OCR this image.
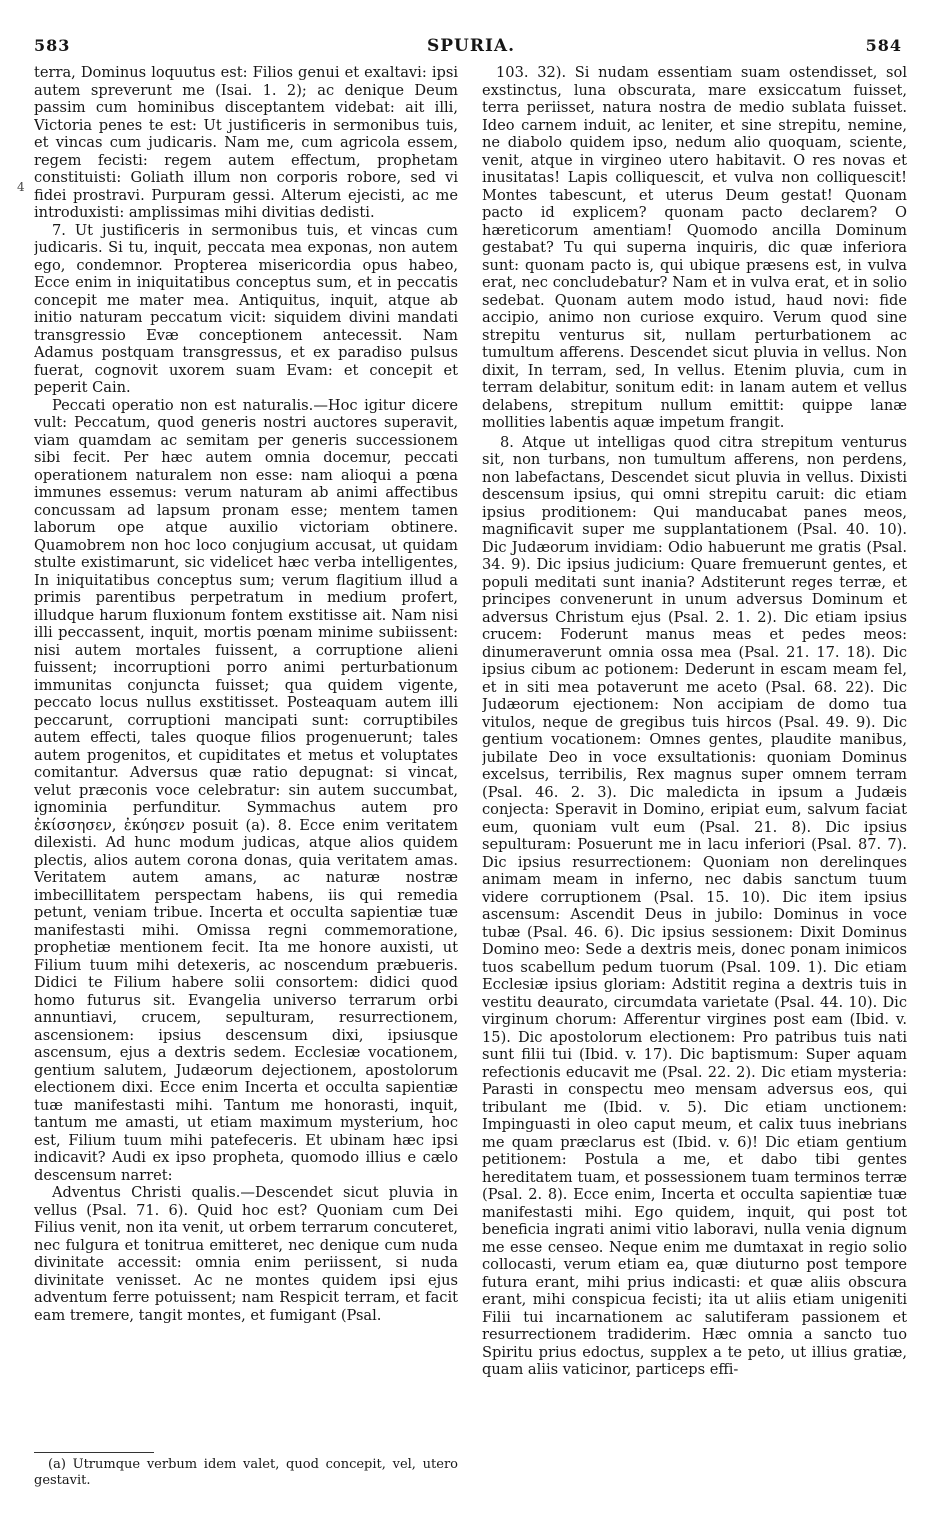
583	SPURIA.	584
4

terra, Dominus loquutus est: Filios genui et exaltavi: ipsi autem spreverunt me (Isai. 1. 2); ac denique Deum passim cum hominibus disceptantem videbat: ait illi, Victoria penes te est: Ut justificeris in sermonibus tuis, et vincas cum judicaris. Nam me, cum agricola essem, regem fecisti: regem autem effectum, prophetam constituisti: Goliath illum non corporis robore, sed vi fidei prostravi. Purpuram gessi. Alterum ejecisti, ac me introduxisti: amplissimas mihi divitias dedisti.

7. Ut justificeris in sermonibus tuis, et vincas cum judicaris. Si tu, inquit, peccata mea exponas, non autem ego, condemnor. Propterea misericordia opus habeo, Ecce enim in iniquitatibus conceptus sum, et in peccatis concepit me mater mea. Antiquitus, inquit, atque ab initio naturam peccatum vicit: siquidem divini mandati transgressio Evæ conceptionem antecessit. Nam Adamus postquam transgressus, et ex paradiso pulsus fuerat, cognovit uxorem suam Evam: et concepit et peperit Cain.

Peccati operatio non est naturalis.—Hoc igitur dicere vult: Peccatum, quod generis nostri auctores superavit, viam quamdam ac semitam per generis successionem sibi fecit. Per hæc autem omnia docemur, peccati operationem naturalem non esse: nam alioqui a pœna immunes essemus: verum naturam ab animi affectibus concussam ad lapsum pronam esse; mentem tamen laborum ope atque auxilio victoriam obtinere. Quamobrem non hoc loco conjugium accusat, ut quidam stulte existimarunt, sic videlicet hæc verba intelligentes, In iniquitatibus conceptus sum; verum flagitium illud a primis parentibus perpetratum in medium profert, illudque harum fluxionum fontem exstitisse ait. Nam nisi illi peccassent, inquit, mortis pœnam minime subiissent: nisi autem mortales fuissent, a corruptione alieni fuissent; incorruptioni porro animi perturbationum immunitas conjuncta fuisset; qua quidem vigente, peccato locus nullus exstitisset. Posteaquam autem illi peccarunt, corruptioni mancipati sunt: corruptibiles autem effecti, tales quoque filios progenuerunt; tales autem progenitos, et cupiditates et metus et voluptates comitantur. Adversus quæ ratio depugnat: si vincat, velut præconis voce celebratur: sin autem succumbat, ignominia perfunditur. Symmachus autem pro ἐκίσσησεν, ἐκύησεν posuit (a). 8. Ecce enim veritatem dilexisti. Ad hunc modum judicas, atque alios quidem plectis, alios autem corona donas, quia veritatem amas. Veritatem autem amans, ac naturæ nostræ imbecillitatem perspectam habens, iis qui remedia petunt, veniam tribue. Incerta et occulta sapientiæ tuæ manifestasti mihi. Omissa regni commemoratione, prophetiæ mentionem fecit. Ita me honore auxisti, ut Filium tuum mihi detexeris, ac noscendum præbueris. Didici te Filium habere solii consortem: didici quod homo futurus sit. Evangelia universo terrarum orbi annuntiavi, crucem, sepulturam, resurrectionem, ascensionem: ipsius descensum dixi, ipsiusque ascensum, ejus a dextris sedem. Ecclesiæ vocationem, gentium salutem, Judæorum dejectionem, apostolorum electionem dixi. Ecce enim Incerta et occulta sapientiæ tuæ manifestasti mihi. Tantum me honorasti, inquit, tantum me amasti, ut etiam maximum mysterium, hoc est, Filium tuum mihi patefeceris. Et ubinam hæc ipsi indicavit? Audi ex ipso propheta, quomodo illius e cælo descensum narret:

Adventus Christi qualis.—Descendet sicut pluvia in vellus (Psal. 71. 6). Quid hoc est? Quoniam cum Dei Filius venit, non ita venit, ut orbem terrarum concuteret, nec fulgura et tonitrua emitteret, nec denique cum nuda divinitate accessit: omnia enim periissent, si nuda divinitate venisset. Ac ne montes quidem ipsi ejus adventum ferre potuissent; nam Respicit terram, et facit eam tremere, tangit montes, et fumigant (Psal.

(a) Utrumque verbum idem valet, quod concepit, vel, utero gestavit.

103. 32). Si nudam essentiam suam ostendisset, sol exstinctus, luna obscurata, mare exsiccatum fuisset, terra periisset, natura nostra de medio sublata fuisset. Ideo carnem induit, ac leniter, et sine strepitu, nemine, ne diabolo quidem ipso, nedum alio quoquam, sciente, venit, atque in virgineo utero habitavit. O res novas et inusitatas! Lapis colliquescit, et vulva non colliquescit! Montes tabescunt, et uterus Deum gestat! Quonam pacto id explicem? quonam pacto declarem? O hæreticorum amentiam! Quomodo ancilla Dominum gestabat? Tu qui superna inquiris, dic quæ inferiora sunt: quonam pacto is, qui ubique præsens est, in vulva erat, nec concludebatur? Nam et in vulva erat, et in solio sedebat. Quonam autem modo istud, haud novi: fide accipio, animo non curiose exquiro. Verum quod sine strepitu venturus sit, nullam perturbationem ac tumultum afferens. Descendet sicut pluvia in vellus. Non dixit, In terram, sed, In vellus. Etenim pluvia, cum in terram delabitur, sonitum edit: in lanam autem et vellus delabens, strepitum nullum emittit: quippe lanæ mollities labentis aquæ impetum frangit.

8. Atque ut intelligas quod citra strepitum venturus sit, non turbans, non tumultum afferens, non perdens, non labefactans, Descendet sicut pluvia in vellus. Dixisti descensum ipsius, qui omni strepitu caruit: dic etiam ipsius proditionem: Qui manducabat panes meos, magnificavit super me supplantationem (Psal. 40. 10). Dic Judæorum invidiam: Odio habuerunt me gratis (Psal. 34. 9). Dic ipsius judicium: Quare fremuerunt gentes, et populi meditati sunt inania? Adstiterunt reges terræ, et principes convenerunt in unum adversus Dominum et adversus Christum ejus (Psal. 2. 1. 2). Dic etiam ipsius crucem: Foderunt manus meas et pedes meos: dinumeraverunt omnia ossa mea (Psal. 21. 17. 18). Dic ipsius cibum ac potionem: Dederunt in escam meam fel, et in siti mea potaverunt me aceto (Psal. 68. 22). Dic Judæorum ejectionem: Non accipiam de domo tua vitulos, neque de gregibus tuis hircos (Psal. 49. 9). Dic gentium vocationem: Omnes gentes, plaudite manibus, jubilate Deo in voce exsultationis: quoniam Dominus excelsus, terribilis, Rex magnus super omnem terram (Psal. 46. 2. 3). Dic maledicta in ipsum a Judæis conjecta: Speravit in Domino, eripiat eum, salvum faciat eum, quoniam vult eum (Psal. 21. 8). Dic ipsius sepulturam: Posuerunt me in lacu inferiori (Psal. 87. 7). Dic ipsius resurrectionem: Quoniam non derelinques animam meam in inferno, nec dabis sanctum tuum videre corruptionem (Psal. 15. 10). Dic item ipsius ascensum: Ascendit Deus in jubilo: Dominus in voce tubæ (Psal. 46. 6). Dic ipsius sessionem: Dixit Dominus Domino meo: Sede a dextris meis, donec ponam inimicos tuos scabellum pedum tuorum (Psal. 109. 1). Dic etiam Ecclesiæ ipsius gloriam: Adstitit regina a dextris tuis in vestitu deaurato, circumdata varietate (Psal. 44. 10). Dic virginum chorum: Afferentur virgines post eam (Ibid. v. 15). Dic apostolorum electionem: Pro patribus tuis nati sunt filii tui (Ibid. v. 17). Dic baptismum: Super aquam refectionis educavit me (Psal. 22. 2). Dic etiam mysteria: Parasti in conspectu meo mensam adversus eos, qui tribulant me (Ibid. v. 5). Dic etiam unctionem: Impinguasti in oleo caput meum, et calix tuus inebrians me quam præclarus est (Ibid. v. 6)! Dic etiam gentium petitionem: Postula a me, et dabo tibi gentes hereditatem tuam, et possessionem tuam terminos terræ (Psal. 2. 8). Ecce enim, Incerta et occulta sapientiæ tuæ manifestasti mihi. Ego quidem, inquit, qui post tot beneficia ingrati animi vitio laboravi, nulla venia dignum me esse censeo. Neque enim me dumtaxat in regio solio collocasti, verum etiam ea, quæ diuturno post tempore futura erant, mihi prius indicasti: et quæ aliis obscura erant, mihi conspicua fecisti; ita ut aliis etiam unigeniti Filii tui incarnationem ac salutiferam passionem et resurrectionem tradiderim. Hæc omnia a sancto tuo Spiritu prius edoctus, supplex a te peto, ut illius gratiæ, quam aliis vaticinor, particeps effi-
